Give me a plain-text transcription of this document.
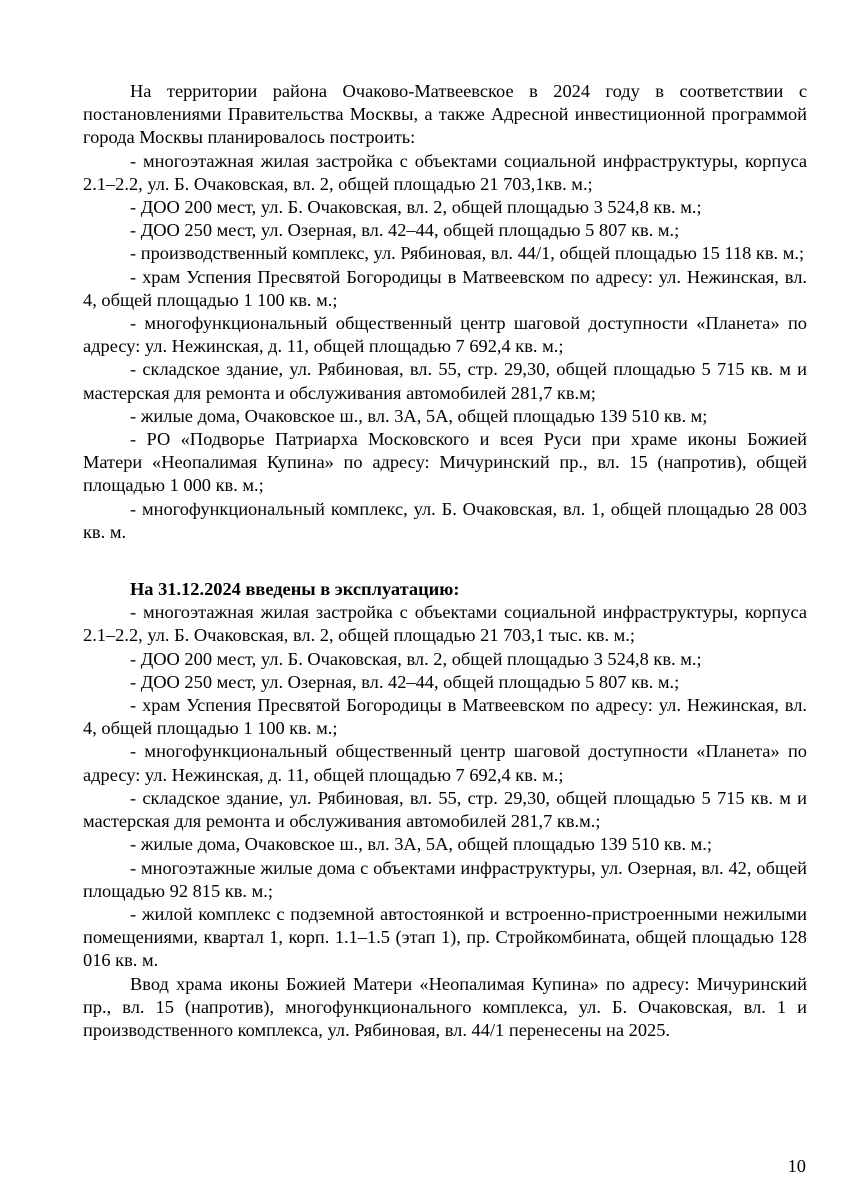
На территории района Очаково-Матвеевское в 2024 году в соответствии с постановлениями Правительства Москвы, а также Адресной инвестиционной программой города Москвы планировалось построить:

- многоэтажная жилая застройка с объектами социальной инфраструктуры, корпуса 2.1–2.2, ул. Б. Очаковская, вл. 2, общей площадью 21 703,1кв. м.;

- ДОО 200 мест, ул. Б. Очаковская, вл. 2, общей площадью 3 524,8 кв. м.;

- ДОО 250 мест, ул. Озерная, вл. 42–44, общей площадью 5 807 кв. м.;

- производственный комплекс, ул. Рябиновая, вл. 44/1, общей площадью 15 118 кв. м.;

- храм Успения Пресвятой Богородицы в Матвеевском по адресу: ул. Нежинская, вл. 4, общей площадью 1 100 кв. м.;

- многофункциональный общественный центр шаговой доступности «Планета» по адресу: ул. Нежинская, д. 11, общей площадью 7 692,4 кв. м.;

- складское здание, ул. Рябиновая, вл. 55, стр. 29,30, общей площадью 5 715 кв. м и мастерская для ремонта и обслуживания автомобилей 281,7 кв.м;

- жилые дома, Очаковское ш., вл. 3А, 5А, общей площадью 139 510 кв. м;

- РО «Подворье Патриарха Московского и всея Руси при храме иконы Божией Матери «Неопалимая Купина» по адресу: Мичуринский пр., вл. 15 (напротив), общей площадью 1 000 кв. м.;

- многофункциональный комплекс, ул. Б. Очаковская, вл. 1, общей площадью 28 003 кв. м.

На 31.12.2024 введены в эксплуатацию:

- многоэтажная жилая застройка с объектами социальной инфраструктуры, корпуса 2.1–2.2, ул. Б. Очаковская, вл. 2, общей площадью 21 703,1 тыс. кв. м.;

- ДОО 200 мест, ул. Б. Очаковская, вл. 2, общей площадью 3 524,8 кв. м.;

- ДОО 250 мест, ул. Озерная, вл. 42–44, общей площадью 5 807 кв. м.;

- храм Успения Пресвятой Богородицы в Матвеевском по адресу: ул. Нежинская, вл. 4, общей площадью 1 100 кв. м.;

- многофункциональный общественный центр шаговой доступности «Планета» по адресу: ул. Нежинская, д. 11, общей площадью 7 692,4 кв. м.;

- складское здание, ул. Рябиновая, вл. 55, стр. 29,30, общей площадью 5 715 кв. м и мастерская для ремонта и обслуживания автомобилей 281,7 кв.м.;

- жилые дома, Очаковское ш., вл. 3А, 5А, общей площадью 139 510 кв. м.;

- многоэтажные жилые дома с объектами инфраструктуры, ул. Озерная, вл. 42, общей площадью 92 815 кв. м.;

- жилой комплекс с подземной автостоянкой и встроенно-пристроенными нежилыми помещениями, квартал 1, корп. 1.1–1.5 (этап 1), пр. Стройкомбината, общей площадью 128 016 кв. м.

Ввод храма иконы Божией Матери «Неопалимая Купина» по адресу: Мичуринский пр., вл. 15 (напротив), многофункционального комплекса, ул. Б. Очаковская, вл. 1 и производственного комплекса, ул. Рябиновая, вл. 44/1 перенесены на 2025.

10
